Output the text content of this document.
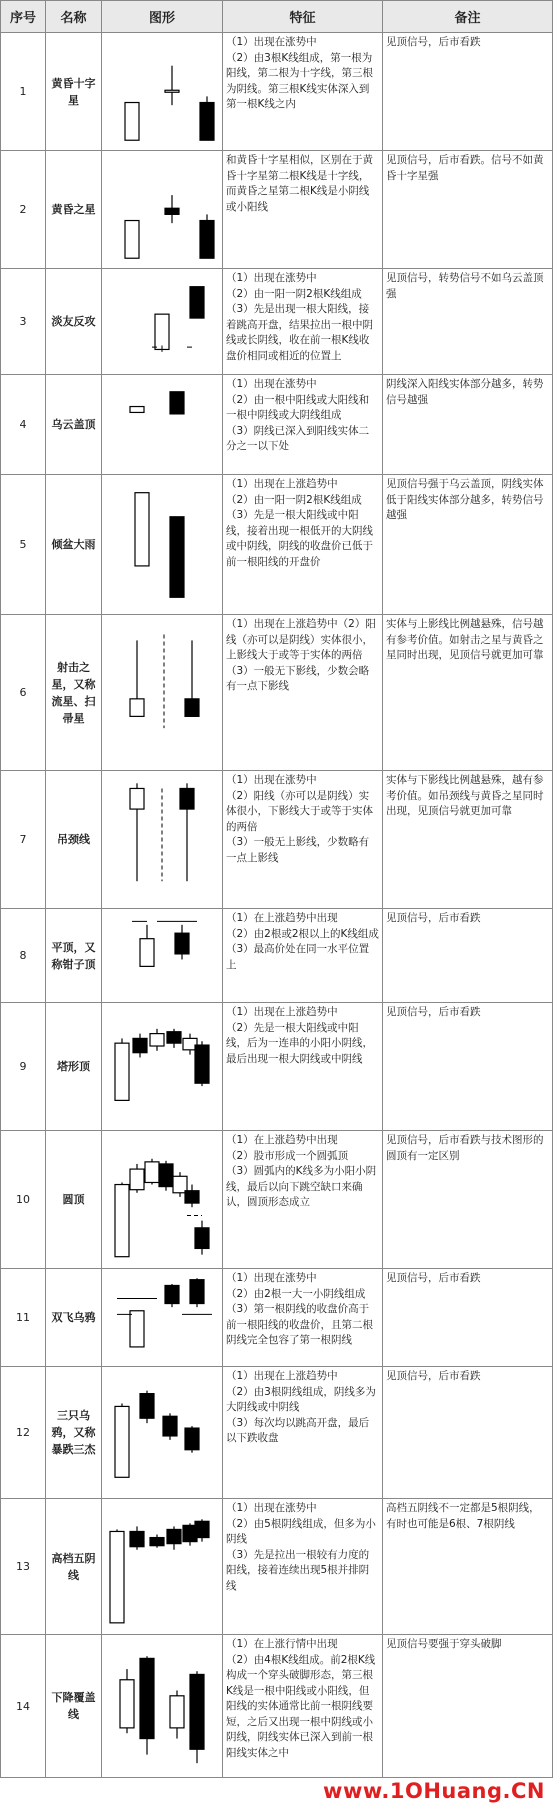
序号	名称	图形	特征	备注
1	黄昏十字星		（1）出现在涨势中
（2）由3根K线组成，第一根为阳线，第二根为十字线，第三根为阴线。第三根K线实体深入到第一根K线之内	见顶信号，后市看跌
2	黄昏之星		和黄昏十字星相似，区别在于黄昏十字星第二根K线是十字线，而黄昏之星第二根K线是小阴线或小阳线	见顶信号，后市看跌。信号不如黄昏十字星强
3	淡友反攻		（1）出现在涨势中
（2）由一阳一阴2根K线组成
（3）先是出现一根大阳线，接着跳高开盘，结果拉出一根中阴线或长阴线，收在前一根K线收盘价相同或相近的位置上	见顶信号，转势信号不如乌云盖顶强
4	乌云盖顶		（1）出现在涨势中
（2）由一根中阳线或大阳线和一根中阴线或大阴线组成
（3）阴线已深入到阳线实体二分之一以下处	阴线深入阳线实体部分越多，转势信号越强
5	倾盆大雨		（1）出现在上涨趋势中
（2）由一阳一阴2根K线组成
（3）先是一根大阳线或中阳线，接着出现一根低开的大阴线或中阴线，阴线的收盘价已低于前一根阳线的开盘价	见顶信号强于乌云盖顶，阴线实体低于阳线实体部分越多，转势信号越强
6	射击之星，又称流星、扫帚星		（1）出现在上涨趋势中（2）阳线（亦可以是阴线）实体很小，上影线大于或等于实体的两倍（3）一般无下影线，少数会略有一点下影线	实体与上影线比例越悬殊，信号越有参考价值。如射击之星与黄昏之星同时出现，见顶信号就更加可靠
7	吊颈线		（1）出现在涨势中
（2）阳线（亦可以是阴线）实体很小，下影线大于或等于实体的两倍
（3）一般无上影线，少数略有一点上影线	实体与下影线比例越悬殊，越有参考价值。如吊颈线与黄昏之星同时出现，见顶信号就更加可靠
8	平顶，又称钳子顶		（1）在上涨趋势中出现
（2）由2根或2根以上的K线组成
（3）最高价处在同一水平位置上	见顶信号，后市看跌
9	塔形顶		（1）出现在上涨趋势中
（2）先是一根大阳线或中阳线，后为一连串的小阳小阴线，最后出现一根大阴线或中阴线	见顶信号，后市看跌
10	圆顶		（1）在上涨趋势中出现
（2）股市形成一个圆弧顶
（3）圆弧内的K线多为小阳小阴线，最后以向下跳空缺口来确认，圆顶形态成立	见顶信号，后市看跌与技术图形的圆顶有一定区别
11	双飞乌鸦		（1）出现在涨势中
（2）由2根一大一小阴线组成
（3）第一根阴线的收盘价高于前一根阳线的收盘价，且第二根阴线完全包容了第一根阴线	见顶信号，后市看跌
12	三只乌鸦，又称暴跌三杰		（1）出现在上涨趋势中
（2）由3根阴线组成，阴线多为大阴线或中阴线
（3）每次均以跳高开盘，最后以下跌收盘	见顶信号，后市看跌
13	高档五阴线		（1）出现在涨势中
（2）由5根阴线组成，但多为小阴线
（3）先是拉出一根较有力度的阳线，接着连续出现5根并排阴线	高档五阴线不一定都是5根阴线，有时也可能是6根、7根阴线
14	下降覆盖线		（1）在上涨行情中出现
（2）由4根K线组成。前2根K线构成一个穿头破脚形态，第三根K线是一根中阳线或小阳线，但阳线的实体通常比前一根阴线要短，之后又出现一根中阴线或小阴线，阴线实体已深入到前一根阳线实体之中	见顶信号要强于穿头破脚
www.1OHuang.CN
